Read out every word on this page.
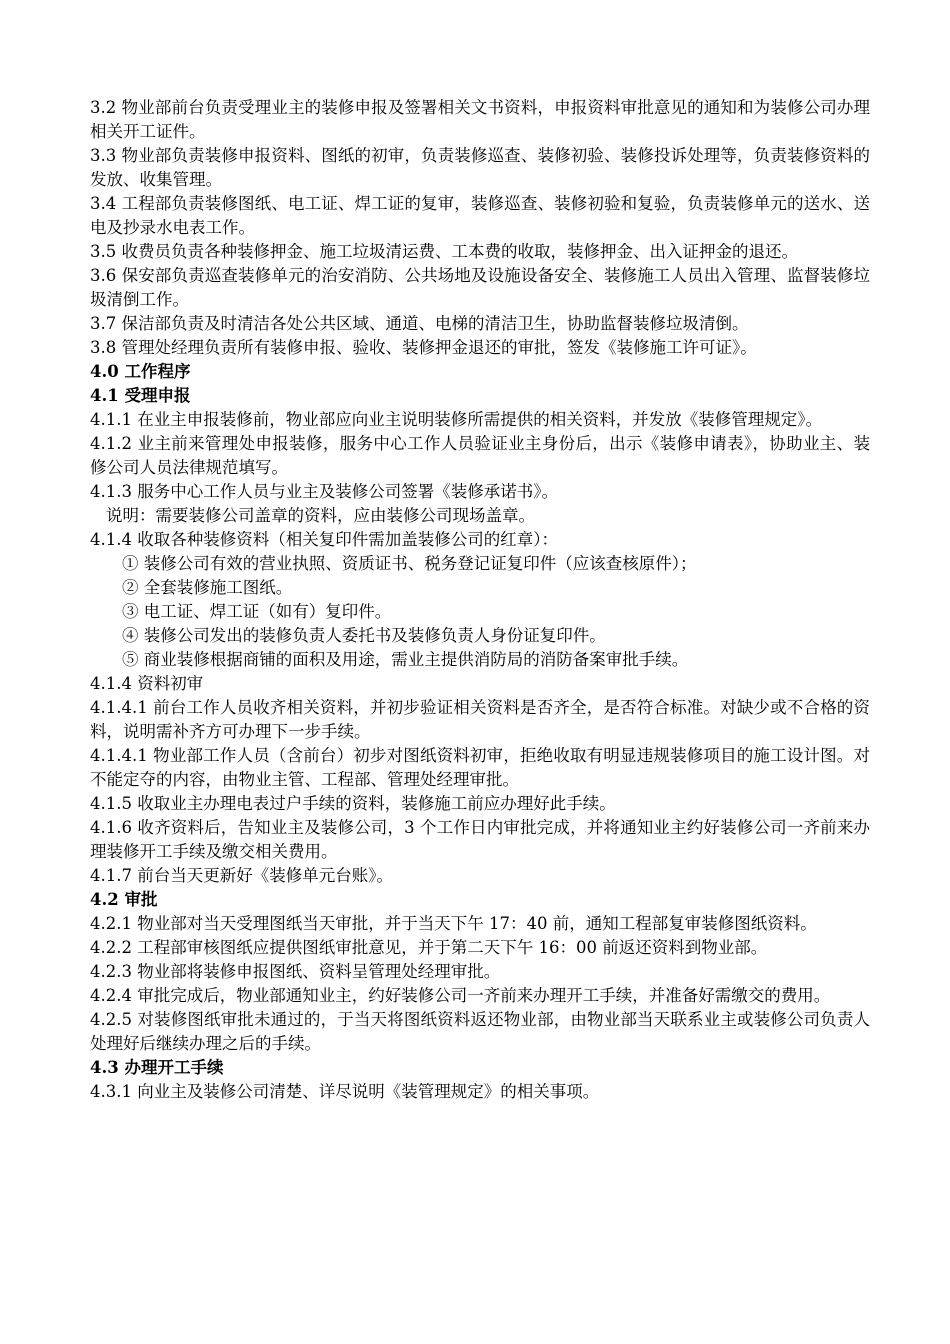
3.2 物业部前台负责受理业主的装修申报及签署相关文书资料，申报资料审批意见的通知和为装修公司办理相关开工证件。

3.3 物业部负责装修申报资料、图纸的初审，负责装修巡查、装修初验、装修投诉处理等，负责装修资料的发放、收集管理。

3.4 工程部负责装修图纸、电工证、焊工证的复审，装修巡查、装修初验和复验，负责装修单元的送水、送电及抄录水电表工作。

3.5 收费员负责各种装修押金、施工垃圾清运费、工本费的收取，装修押金、出入证押金的退还。

3.6 保安部负责巡查装修单元的治安消防、公共场地及设施设备安全、装修施工人员出入管理、监督装修垃圾清倒工作。

3.7 保洁部负责及时清洁各处公共区域、通道、电梯的清洁卫生，协助监督装修垃圾清倒。

3.8 管理处经理负责所有装修申报、验收、装修押金退还的审批，签发《装修施工许可证》。

4.0 工作程序

4.1 受理申报

4.1.1 在业主申报装修前，物业部应向业主说明装修所需提供的相关资料，并发放《装修管理规定》。

4.1.2 业主前来管理处申报装修，服务中心工作人员验证业主身份后，出示《装修申请表》，协助业主、装修公司人员法律规范填写。

4.1.3 服务中心工作人员与业主及装修公司签署《装修承诺书》。

说明：需要装修公司盖章的资料，应由装修公司现场盖章。

4.1.4 收取各种装修资料（相关复印件需加盖装修公司的红章）：

① 装修公司有效的营业执照、资质证书、税务登记证复印件（应该查核原件）；

② 全套装修施工图纸。

③ 电工证、焊工证（如有）复印件。

④ 装修公司发出的装修负责人委托书及装修负责人身份证复印件。

⑤ 商业装修根据商铺的面积及用途，需业主提供消防局的消防备案审批手续。

4.1.4 资料初审

4.1.4.1 前台工作人员收齐相关资料，并初步验证相关资料是否齐全，是否符合标准。对缺少或不合格的资料，说明需补齐方可办理下一步手续。

4.1.4.1 物业部工作人员（含前台）初步对图纸资料初审，拒绝收取有明显违规装修项目的施工设计图。对不能定夺的内容，由物业主管、工程部、管理处经理审批。

4.1.5 收取业主办理电表过户手续的资料，装修施工前应办理好此手续。

4.1.6 收齐资料后，告知业主及装修公司，3 个工作日内审批完成，并将通知业主约好装修公司一齐前来办理装修开工手续及缴交相关费用。

4.1.7 前台当天更新好《装修单元台账》。

4.2 审批

4.2.1 物业部对当天受理图纸当天审批，并于当天下午 17：40 前，通知工程部复审装修图纸资料。

4.2.2 工程部审核图纸应提供图纸审批意见，并于第二天下午 16：00 前返还资料到物业部。

4.2.3 物业部将装修申报图纸、资料呈管理处经理审批。

4.2.4 审批完成后，物业部通知业主，约好装修公司一齐前来办理开工手续，并准备好需缴交的费用。

4.2.5 对装修图纸审批未通过的，于当天将图纸资料返还物业部，由物业部当天联系业主或装修公司负责人处理好后继续办理之后的手续。

4.3 办理开工手续

4.3.1 向业主及装修公司清楚、详尽说明《装管理规定》的相关事项。
